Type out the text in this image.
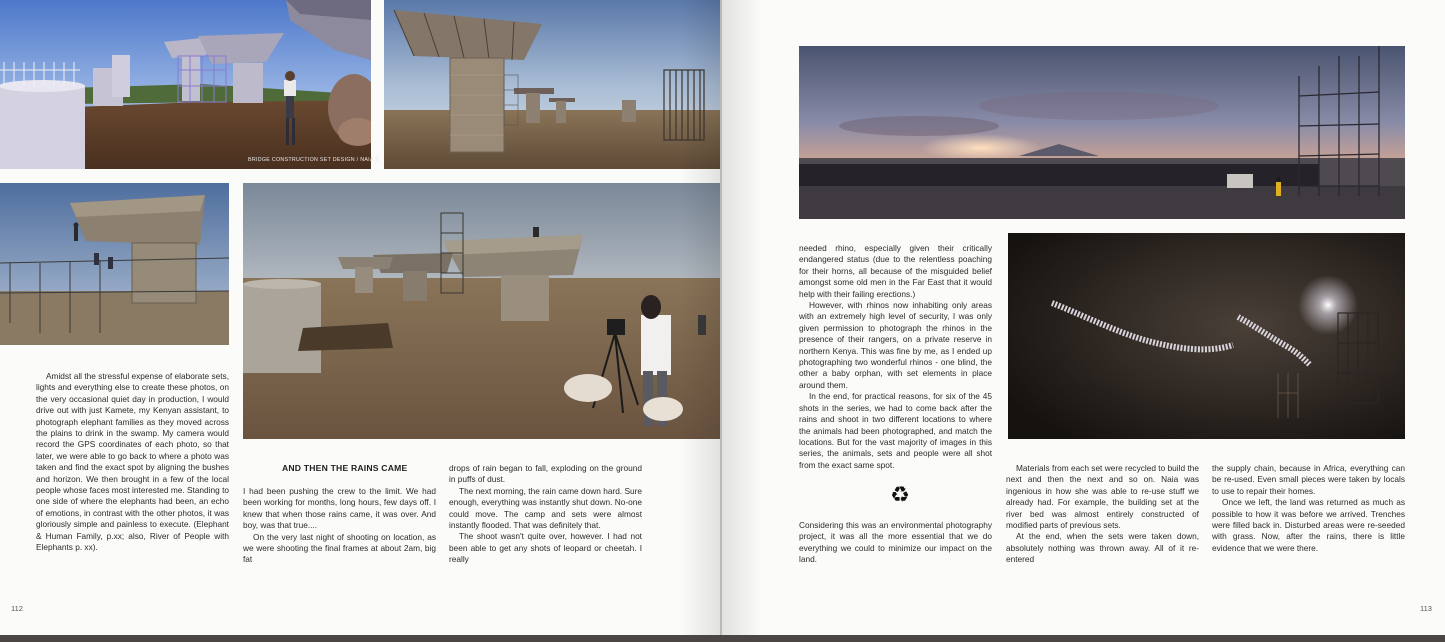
BRIDGE CONSTRUCTION SET DESIGN / NAIA B

Amidst all the stressful expense of elaborate sets, lights and everything else to create these photos, on the very occasional quiet day in production, I would drive out with just Kamete, my Kenyan assistant, to photograph elephant families as they moved across the plains to drink in the swamp. My camera would record the GPS coordinates of each photo, so that later, we were able to go back to where a photo was taken and find the exact spot by aligning the bushes and horizon. We then brought in a few of the local people whose faces most interested me. Standing to one side of where the elephants had been, an echo of emotions, in contrast with the other photos, it was gloriously simple and painless to execute. (Elephant & Human Family, p.xx; also, River of People with Elephants p. xx).

AND THEN THE RAINS CAME

I had been pushing the crew to the limit. We had been working for months, long hours, few days off. I knew that when those rains came, it was over. And boy, was that true....

On the very last night of shooting on location, as we were shooting the final frames at about 2am, big fat

drops of rain began to fall, exploding on the ground in puffs of dust.

The next morning, the rain came down hard. Sure enough, everything was instantly shut down. No-one could move. The camp and sets were almost instantly flooded. That was definitely that.

The shoot wasn't quite over, however. I had not been able to get any shots of leopard or cheetah. I really

112

needed rhino, especially given their critically endangered status (due to the relentless poaching for their horns, all because of the misguided belief amongst some old men in the Far East that it would help with their failing erections.)

However, with rhinos now inhabiting only areas with an extremely high level of security, I was only given permission to photograph the rhinos in the presence of their rangers, on a private reserve in northern Kenya. This was fine by me, as I ended up photographing two wonderful rhinos - one blind, the other a baby orphan, with set elements in place around them.

In the end, for practical reasons, for six of the 45 shots in the series, we had to come back after the rains and shoot in two different locations to where the animals had been photographed, and match the locations. But for the vast majority of images in this series, the animals, sets and people were all shot from the exact same spot.

♻

Considering this was an environmental photography project, it was all the more essential that we do everything we could to minimize our impact on the land.

Materials from each set were recycled to build the next and then the next and so on. Naia was ingenious in how she was able to re-use stuff we already had. For example, the building set at the river bed was almost entirely constructed of modified parts of previous sets.

At the end, when the sets were taken down, absolutely nothing was thrown away. All of it re-entered

the supply chain, because in Africa, everything can be re-used. Even small pieces were taken by locals to use to repair their homes.

Once we left, the land was returned as much as possible to how it was before we arrived. Trenches were filled back in. Disturbed areas were re-seeded with grass. Now, after the rains, there is little evidence that we were there.

113
